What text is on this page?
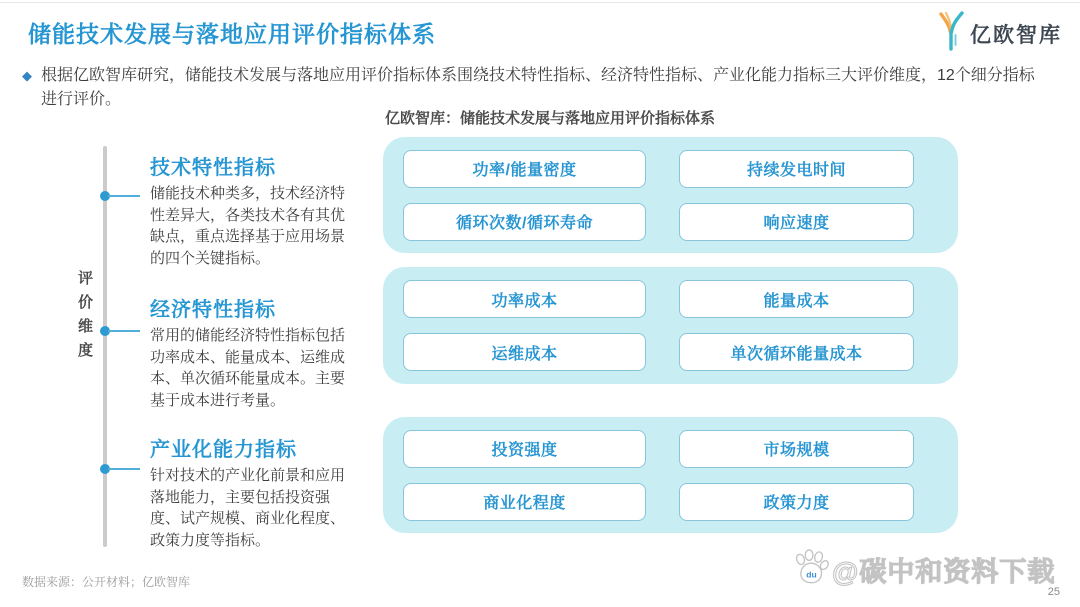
储能技术发展与落地应用评价指标体系	亿欧智库
◆ 根据亿欧智库研究，储能技术发展与落地应用评价指标体系围绕技术特性指标、经济特性指标、产业化能力指标三大评价维度，12个细分指标进行评价。

亿欧智库：储能技术发展与落地应用评价指标体系

评价维度
技术特性指标

储能技术种类多，技术经济特性差异大，各类技术各有其优缺点，重点选择基于应用场景的四个关键指标。

功率/能量密度	持续发电时间
循环次数/循环寿命	响应速度
经济特性指标

常用的储能经济特性指标包括功率成本、能量成本、运维成本、单次循环能量成本。主要基于成本进行考量。

功率成本	能量成本
运维成本	单次循环能量成本
产业化能力指标

针对技术的产业化前景和应用落地能力，主要包括投资强度、试产规模、商业化程度、政策力度等指标。

投资强度	市场规模
商业化程度	政策力度

数据来源：公开材料；亿欧智库

du @碳中和资料下载

25
